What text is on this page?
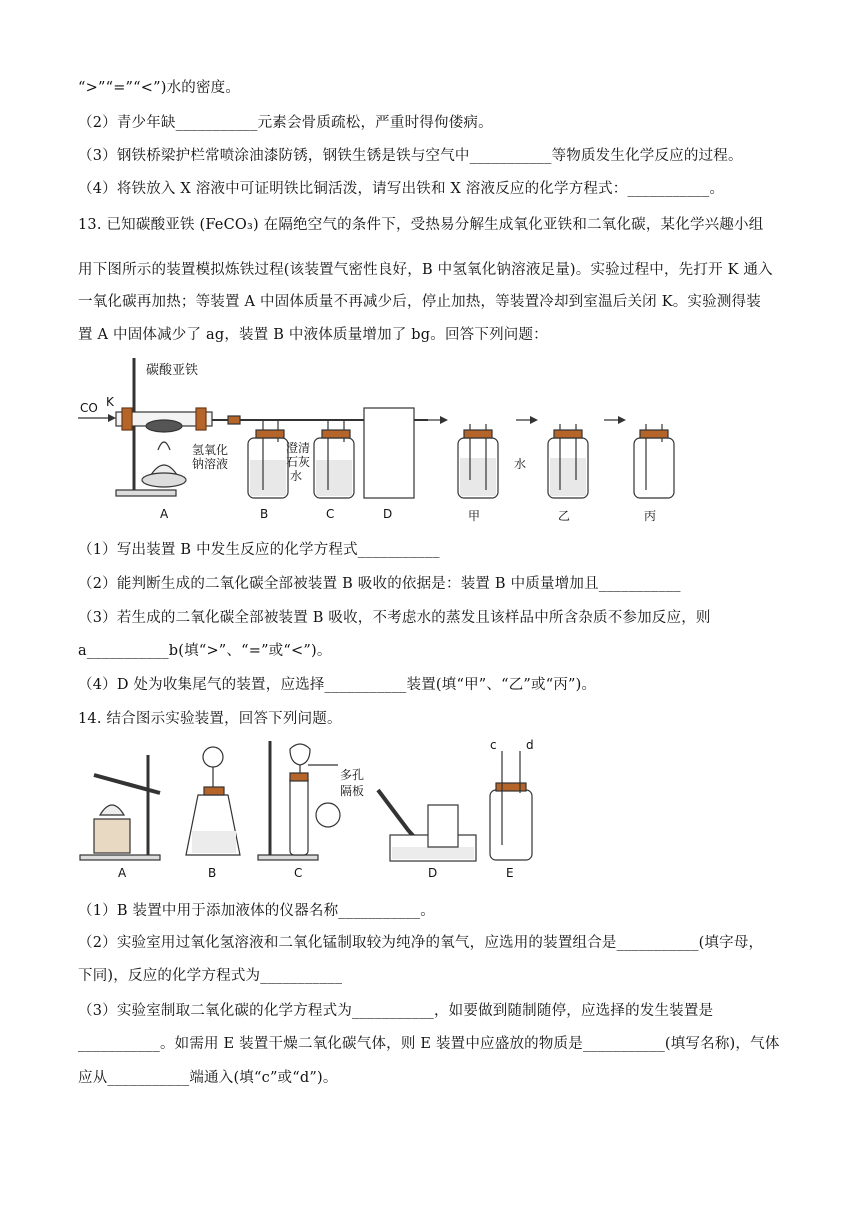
“>”“=”“<”)水的密度。
（2）青少年缺___________元素会骨质疏松，严重时得佝偻病。
（3）钢铁桥梁护栏常喷涂油漆防锈，钢铁生锈是铁与空气中___________等物质发生化学反应的过程。
（4）将铁放入 X 溶液中可证明铁比铜活泼，请写出铁和 X 溶液反应的化学方程式：___________。
13. 已知碳酸亚铁 (FeCO₃) 在隔绝空气的条件下，受热易分解生成氧化亚铁和二氧化碳，某化学兴趣小组
用下图所示的装置模拟炼铁过程(该装置气密性良好，B 中氢氧化钠溶液足量)。实验过程中，先打开 K 通入
一氧化碳再加热；等装置 A 中固体质量不再减少后，停止加热，等装置冷却到室温后关闭 K。实验测得装
置 A 中固体减少了 ag，装置 B 中液体质量增加了 bg。回答下列问题：
CO K
碳酸亚铁
氢氧化
钠溶液
澄清
石灰
水
水
A	B	C	D	甲	乙	丙
（1）写出装置 B 中发生反应的化学方程式___________
（2）能判断生成的二氧化碳全部被装置 B 吸收的依据是：装置 B 中质量增加且___________
（3）若生成的二氧化碳全部被装置 B 吸收，不考虑水的蒸发且该样品中所含杂质不参加反应，则
a___________b(填“>”、“=”或“<”)。
（4）D 处为收集尾气的装置，应选择___________装置(填“甲”、“乙”或“丙”)。
14. 结合图示实验装置，回答下列问题。
多孔
隔板
c d
A	B	C	D	E
（1）B 装置中用于添加液体的仪器名称___________。
（2）实验室用过氧化氢溶液和二氧化锰制取较为纯净的氧气，应选用的装置组合是___________(填字母，
下同)，反应的化学方程式为___________
（3）实验室制取二氧化碳的化学方程式为___________，如要做到随制随停，应选择的发生装置是
___________。如需用 E 装置干燥二氧化碳气体，则 E 装置中应盛放的物质是___________(填写名称)，气体
应从___________端通入(填“c”或“d”)。
